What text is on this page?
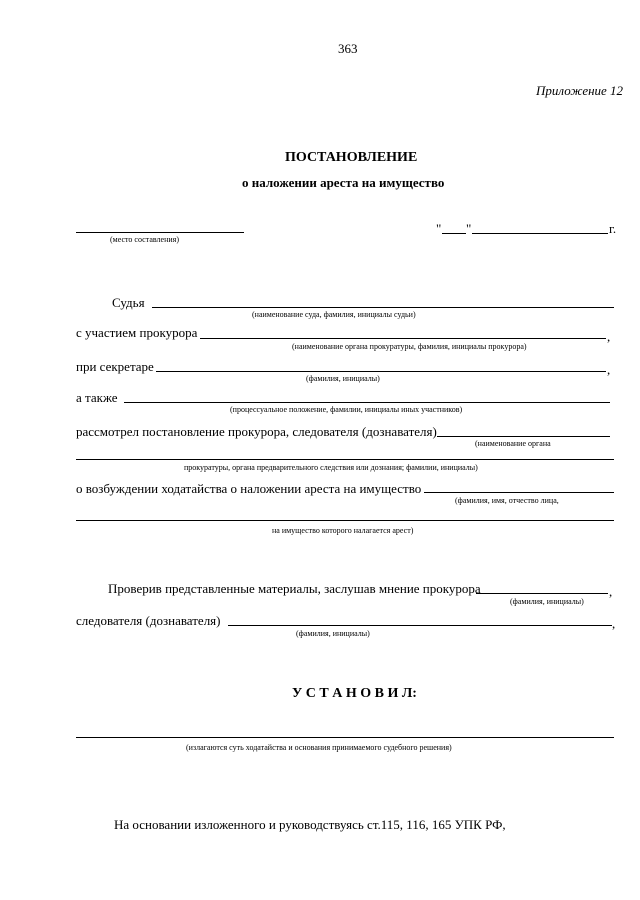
363
Приложение 12
ПОСТАНОВЛЕНИЕ
о наложении ареста на имущество
(место составления)
" "	г.
Судья
(наименование суда, фамилия, инициалы судьи)
с участием прокурора	,
(наименование органа прокуратуры, фамилия, инициалы прокурора)
при секретаре	,
(фамилия, инициалы)
а также
(процессуальное положение, фамилии, инициалы иных участников)
рассмотрел постановление прокурора, следователя (дознавателя)
(наименование органа
прокуратуры, органа предварительного следствия или дознания; фамилии, инициалы)
о возбуждении ходатайства о наложении ареста на имущество
(фамилия, имя, отчество лица,
на имущество которого налагается арест)
Проверив представленные материалы, заслушав мнение прокурора	,
(фамилия, инициалы)
следователя (дознавателя)	,
(фамилия, инициалы)
У С Т А Н О В И Л:
(излагаются суть ходатайства и основания принимаемого судебного решения)
На основании изложенного и руководствуясь ст.115, 116, 165 УПК РФ,
